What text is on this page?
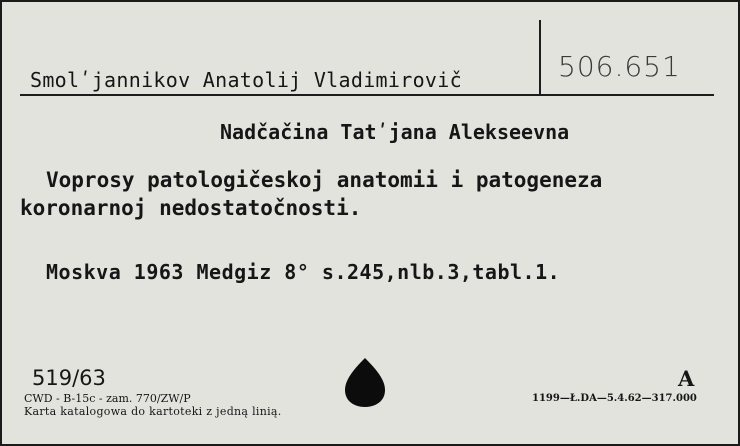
Smolʹjannikov Anatolij Vladimirovič	506.651
Nadčačina Tatʹjana Alekseevna
Voprosy patologičeskoj anatomii i patogeneza
koronarnoj nedostatočnosti.
Moskva 1963 Medgiz 8° s.245,nlb.3,tabl.1.
519/63
CWD - B-15c - zam. 770/ZW/P
Karta katalogowa do kartoteki z jedną linią.
A
1199—Ł.DA—5.4.62—317.000
